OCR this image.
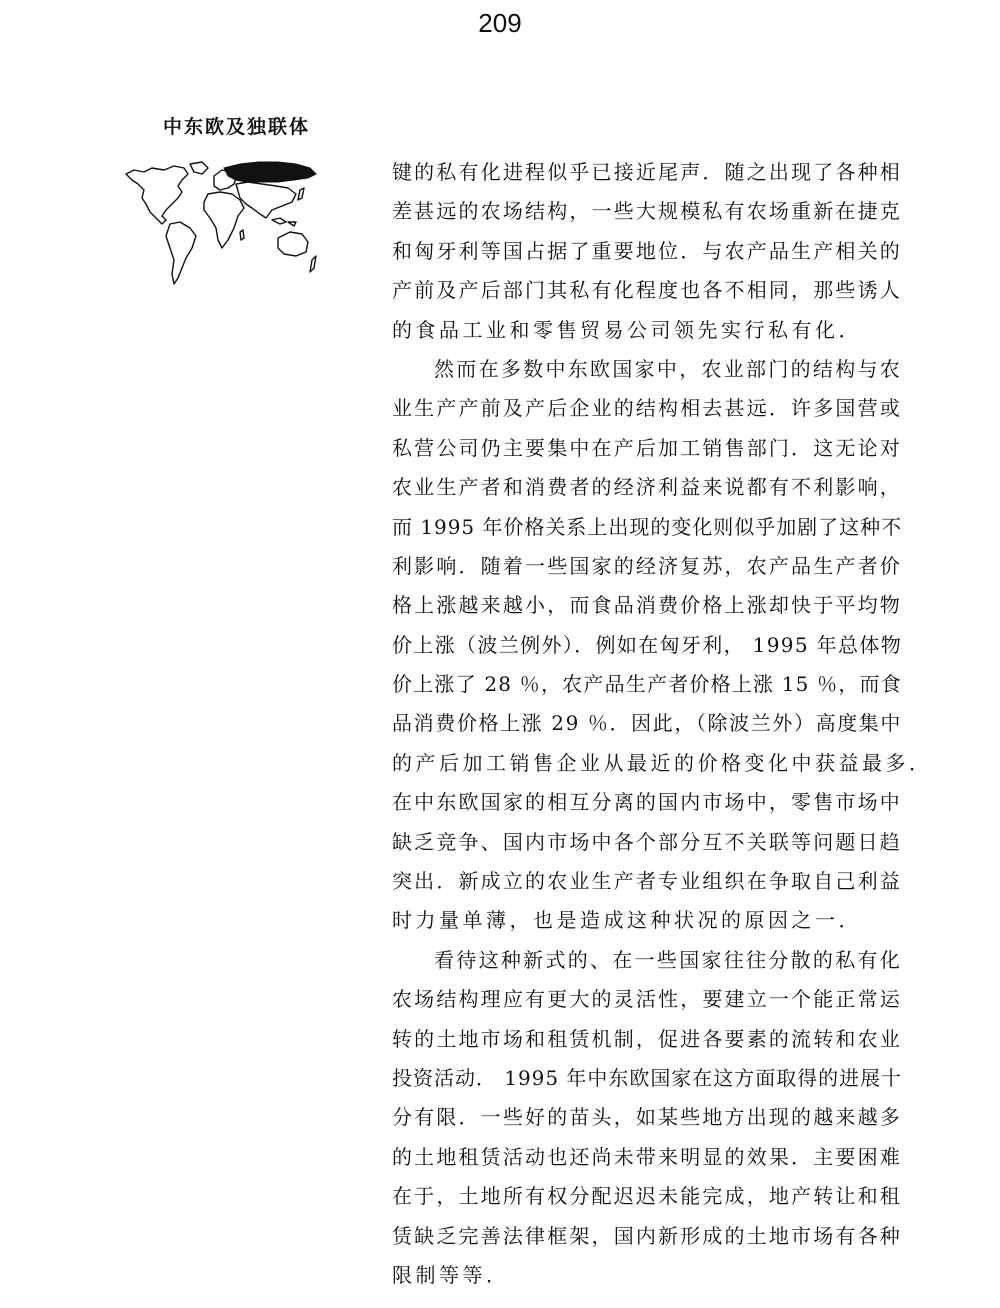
209
中东欧及独联体
键的私有化进程似乎已接近尾声．随之出现了各种相
差甚远的农场结构，一些大规模私有农场重新在捷克
和匈牙利等国占据了重要地位．与农产品生产相关的
产前及产后部门其私有化程度也各不相同，那些诱人
的食品工业和零售贸易公司领先实行私有化．
然而在多数中东欧国家中，农业部门的结构与农
业生产产前及产后企业的结构相去甚远．许多国营或
私营公司仍主要集中在产后加工销售部门．这无论对
农业生产者和消费者的经济利益来说都有不利影响，
而 1995 年价格关系上出现的变化则似乎加剧了这种不
利影响．随着一些国家的经济复苏，农产品生产者价
格上涨越来越小，而食品消费价格上涨却快于平均物
价上涨（波兰例外）．例如在匈牙利， 1995 年总体物
价上涨了 28 ％，农产品生产者价格上涨 15 ％，而食
品消费价格上涨 29 ％．因此，（除波兰外）高度集中
的产后加工销售企业从最近的价格变化中获益最多．
在中东欧国家的相互分离的国内市场中，零售市场中
缺乏竞争、国内市场中各个部分互不关联等问题日趋
突出．新成立的农业生产者专业组织在争取自己利益
时力量单薄，也是造成这种状况的原因之一．
看待这种新式的、在一些国家往往分散的私有化
农场结构理应有更大的灵活性，要建立一个能正常运
转的土地市场和租赁机制，促进各要素的流转和农业
投资活动． 1995 年中东欧国家在这方面取得的进展十
分有限．一些好的苗头，如某些地方出现的越来越多
的土地租赁活动也还尚未带来明显的效果．主要困难
在于，土地所有权分配迟迟未能完成，地产转让和租
赁缺乏完善法律框架，国内新形成的土地市场有各种
限制等等．
